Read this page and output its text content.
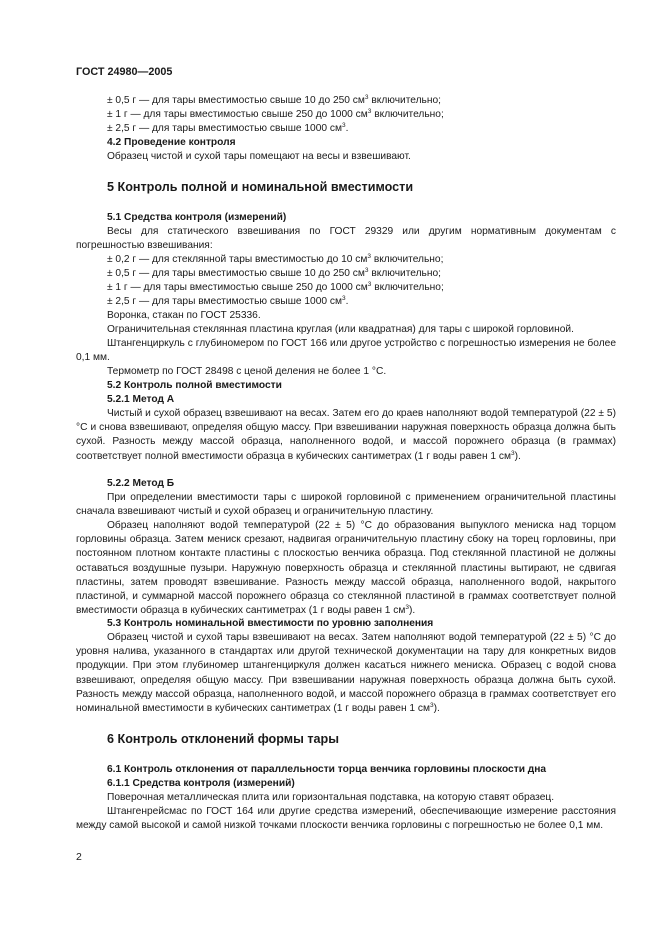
ГОСТ 24980—2005
± 0,5 г — для тары вместимостью свыше 10 до 250 $см^3$ включительно;
± 1 г — для тары вместимостью свыше 250 до 1000 $см^3$ включительно;
± 2,5 г — для тары вместимостью свыше 1000 $см^3$.
4.2 Проведение контроля
Образец чистой и сухой тары помещают на весы и взвешивают.
5 Контроль полной и номинальной вместимости
5.1 Средства контроля (измерений)
Весы для статического взвешивания по ГОСТ 29329 или другим нормативным документам с погрешностью взвешивания:
± 0,2 г — для стеклянной тары вместимостью до 10 $см^3$ включительно;
± 0,5 г — для тары вместимостью свыше 10 до 250 $см^3$ включительно;
± 1 г — для тары вместимостью свыше 250 до 1000 $см^3$ включительно;
± 2,5 г — для тары вместимостью свыше 1000 $см^3$.
Воронка, стакан по ГОСТ 25336.
Ограничительная стеклянная пластина круглая (или квадратная) для тары с широкой горловиной.
Штангенциркуль с глубиномером по ГОСТ 166 или другое устройство с погрешностью измерения не более 0,1 мм.
Термометр по ГОСТ 28498 с ценой деления не более 1 °С.
5.2 Контроль полной вместимости
5.2.1 Метод А
Чистый и сухой образец взвешивают на весах. Затем его до краев наполняют водой температурой (22 ± 5) °С и снова взвешивают, определяя общую массу. При взвешивании наружная поверхность образца должна быть сухой. Разность между массой образца, наполненного водой, и массой порожнего образца (в граммах) соответствует полной вместимости образца в кубических сантиметрах (1 г воды равен 1 $см^3$).
5.2.2 Метод Б
При определении вместимости тары с широкой горловиной с применением ограничительной пластины сначала взвешивают чистый и сухой образец и ограничительную пластину.
Образец наполняют водой температурой (22 ± 5) °С до образования выпуклого мениска над торцом горловины образца. Затем мениск срезают, надвигая ограничительную пластину сбоку на торец горловины, при постоянном плотном контакте пластины с плоскостью венчика образца. Под стеклянной пластиной не должны оставаться воздушные пузыри. Наружную поверхность образца и стеклянной пластины вытирают, не сдвигая пластины, затем проводят взвешивание. Разность между массой образца, наполненного водой, накрытого пластиной, и суммарной массой порожнего образца со стеклянной пластиной в граммах соответствует полной вместимости образца в кубических сантиметрах (1 г воды равен 1 $см^3$).
5.3 Контроль номинальной вместимости по уровню заполнения
Образец чистой и сухой тары взвешивают на весах. Затем наполняют водой температурой (22 ± 5) °С до уровня налива, указанного в стандартах или другой технической документации на тару для конкретных видов продукции. При этом глубиномер штангенциркуля должен касаться нижнего мениска. Образец с водой снова взвешивают, определяя общую массу. При взвешивании наружная поверхность образца должна быть сухой. Разность между массой образца, наполненного водой, и массой порожнего образца в граммах соответствует его номинальной вместимости в кубических сантиметрах (1 г воды равен 1 $см^3$).
6 Контроль отклонений формы тары
6.1 Контроль отклонения от параллельности торца венчика горловины плоскости дна
6.1.1 Средства контроля (измерений)
Поверочная металлическая плита или горизонтальная подставка, на которую ставят образец.
Штангенрейсмас по ГОСТ 164 или другие средства измерений, обеспечивающие измерение расстояния между самой высокой и самой низкой точками плоскости венчика горловины с погрешностью не более 0,1 мм.
2
